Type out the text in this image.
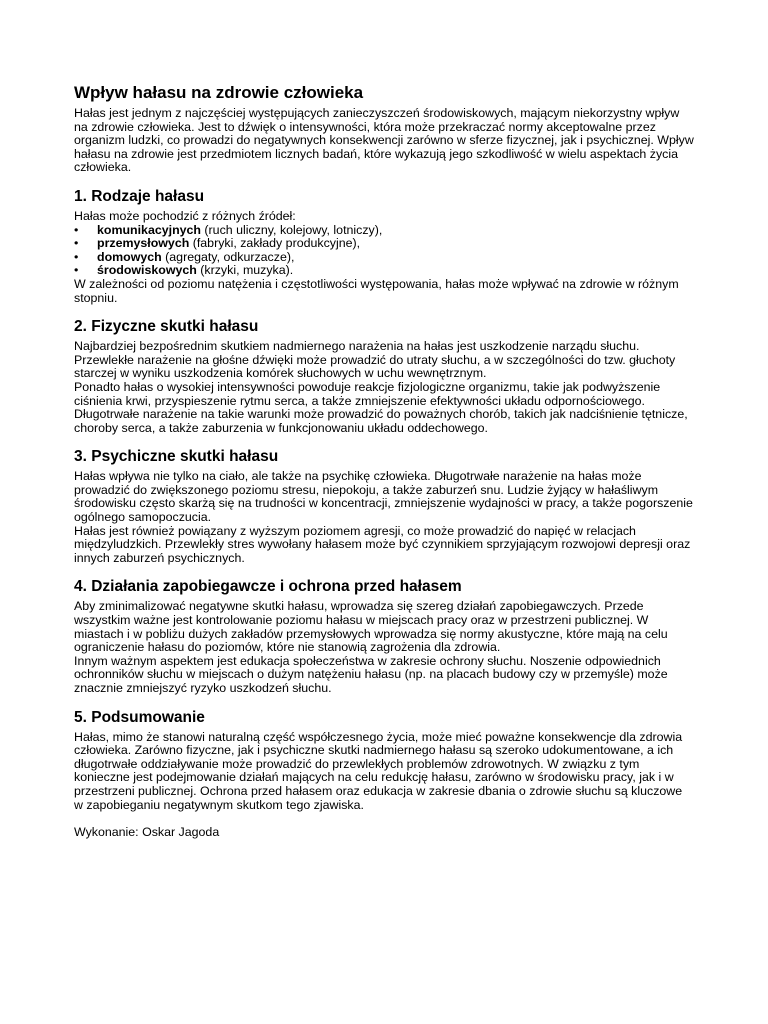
Wpływ hałasu na zdrowie człowieka

Hałas jest jednym z najczęściej występujących zanieczyszczeń środowiskowych, mającym niekorzystny wpływ na zdrowie człowieka. Jest to dźwięk o intensywności, która może przekraczać normy akceptowalne przez organizm ludzki, co prowadzi do negatywnych konsekwencji zarówno w sferze fizycznej, jak i psychicznej. Wpływ hałasu na zdrowie jest przedmiotem licznych badań, które wykazują jego szkodliwość w wielu aspektach życia człowieka.

1. Rodzaje hałasu

Hałas może pochodzić z różnych źródeł:

• komunikacyjnych (ruch uliczny, kolejowy, lotniczy),
• przemysłowych (fabryki, zakłady produkcyjne),
• domowych (agregaty, odkurzacze),
• środowiskowych (krzyki, muzyka).

W zależności od poziomu natężenia i częstotliwości występowania, hałas może wpływać na zdrowie w różnym stopniu.

2. Fizyczne skutki hałasu

Najbardziej bezpośrednim skutkiem nadmiernego narażenia na hałas jest uszkodzenie narządu słuchu. Przewlekłe narażenie na głośne dźwięki może prowadzić do utraty słuchu, a w szczególności do tzw. głuchoty starczej w wyniku uszkodzenia komórek słuchowych w uchu wewnętrznym.

Ponadto hałas o wysokiej intensywności powoduje reakcje fizjologiczne organizmu, takie jak podwyższenie ciśnienia krwi, przyspieszenie rytmu serca, a także zmniejszenie efektywności układu odpornościowego. Długotrwałe narażenie na takie warunki może prowadzić do poważnych chorób, takich jak nadciśnienie tętnicze, choroby serca, a także zaburzenia w funkcjonowaniu układu oddechowego.

3. Psychiczne skutki hałasu

Hałas wpływa nie tylko na ciało, ale także na psychikę człowieka. Długotrwałe narażenie na hałas może prowadzić do zwiększonego poziomu stresu, niepokoju, a także zaburzeń snu. Ludzie żyjący w hałaśliwym środowisku często skarżą się na trudności w koncentracji, zmniejszenie wydajności w pracy, a także pogorszenie ogólnego samopoczucia.

Hałas jest również powiązany z wyższym poziomem agresji, co może prowadzić do napięć w relacjach międzyludzkich. Przewlekły stres wywołany hałasem może być czynnikiem sprzyjającym rozwojowi depresji oraz innych zaburzeń psychicznych.

4. Działania zapobiegawcze i ochrona przed hałasem

Aby zminimalizować negatywne skutki hałasu, wprowadza się szereg działań zapobiegawczych. Przede wszystkim ważne jest kontrolowanie poziomu hałasu w miejscach pracy oraz w przestrzeni publicznej. W miastach i w pobliżu dużych zakładów przemysłowych wprowadza się normy akustyczne, które mają na celu ograniczenie hałasu do poziomów, które nie stanowią zagrożenia dla zdrowia.

Innym ważnym aspektem jest edukacja społeczeństwa w zakresie ochrony słuchu. Noszenie odpowiednich ochronników słuchu w miejscach o dużym natężeniu hałasu (np. na placach budowy czy w przemyśle) może znacznie zmniejszyć ryzyko uszkodzeń słuchu.

5. Podsumowanie

Hałas, mimo że stanowi naturalną część współczesnego życia, może mieć poważne konsekwencje dla zdrowia człowieka. Zarówno fizyczne, jak i psychiczne skutki nadmiernego hałasu są szeroko udokumentowane, a ich długotrwałe oddziaływanie może prowadzić do przewlekłych problemów zdrowotnych. W związku z tym konieczne jest podejmowanie działań mających na celu redukcję hałasu, zarówno w środowisku pracy, jak i w przestrzeni publicznej. Ochrona przed hałasem oraz edukacja w zakresie dbania o zdrowie słuchu są kluczowe w zapobieganiu negatywnym skutkom tego zjawiska.

Wykonanie: Oskar Jagoda
